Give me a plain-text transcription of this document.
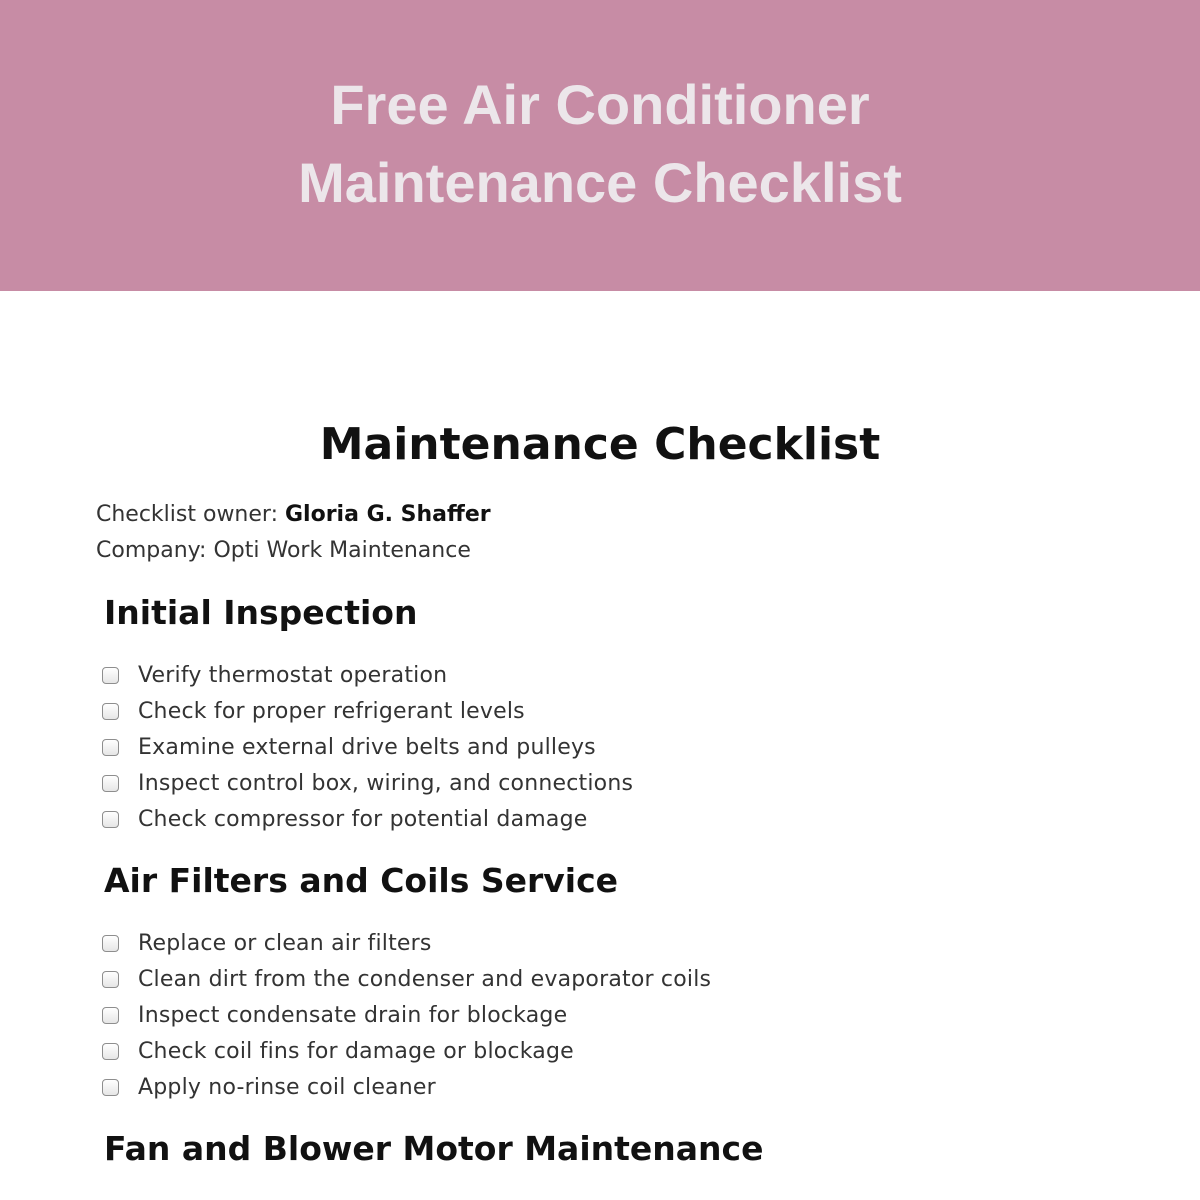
Free Air Conditioner
Maintenance Checklist
Maintenance Checklist
Checklist owner: Gloria G. Shaffer
Company: Opti Work Maintenance
Initial Inspection
Verify thermostat operation
Check for proper refrigerant levels
Examine external drive belts and pulleys
Inspect control box, wiring, and connections
Check compressor for potential damage
Air Filters and Coils Service
Replace or clean air filters
Clean dirt from the condenser and evaporator coils
Inspect condensate drain for blockage
Check coil fins for damage or blockage
Apply no-rinse coil cleaner
Fan and Blower Motor Maintenance
